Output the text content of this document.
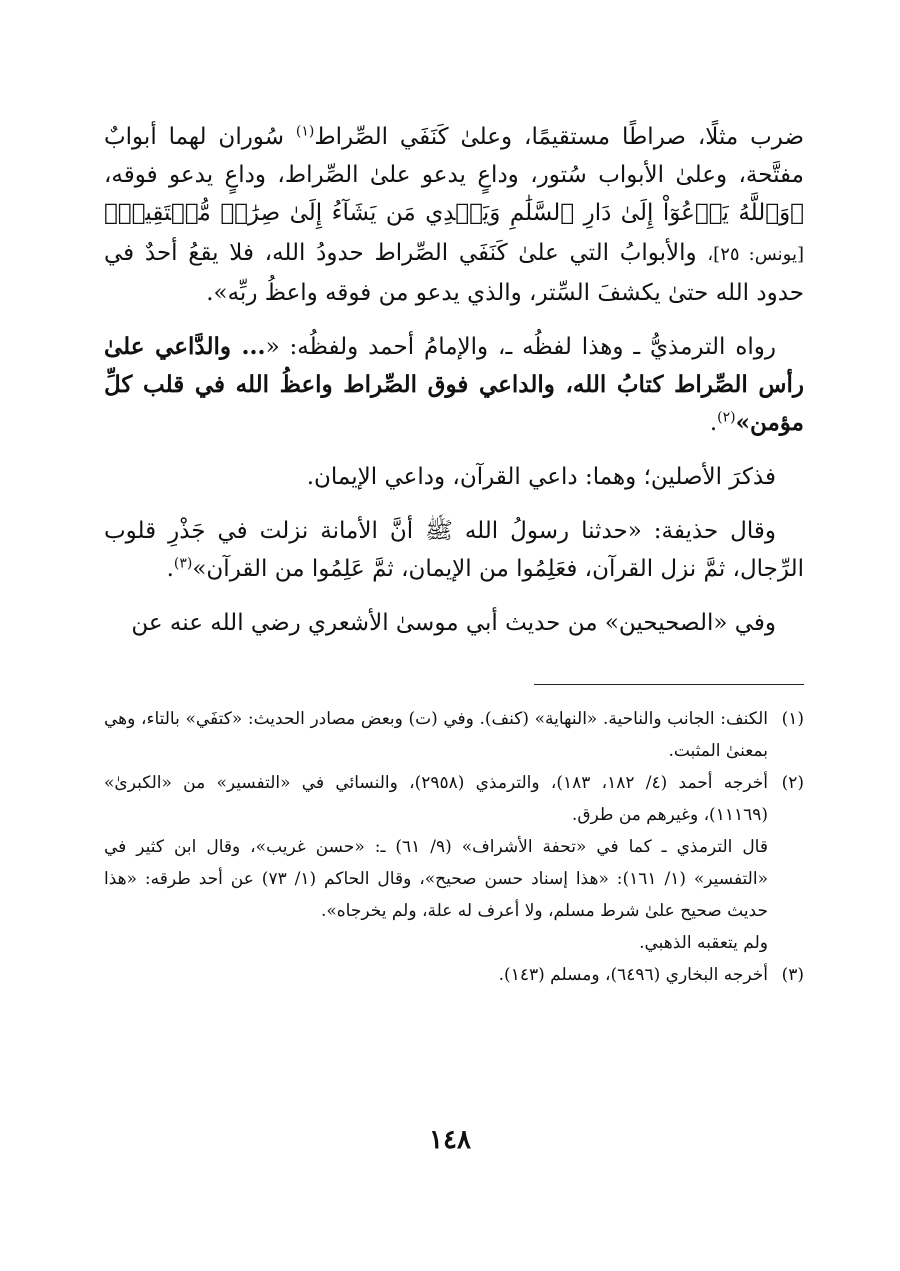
ضرب مثلًا، صراطًا مستقيمًا، وعلىٰ كَنَفَي الصِّراط$^{(١)}$ سُوران لهما أبوابٌ مفتَّحة، وعلىٰ الأبواب سُتور، وداعٍ يدعو علىٰ الصِّراط، وداعٍ يدعو فوقه، ﴿وَٱللَّهُ يَدۡعُوٓاْ إِلَىٰ دَارِ ٱلسَّلَٰمِ وَيَهۡدِي مَن يَشَآءُ إِلَىٰ صِرَٰطٖ مُّسۡتَقِيمٖ﴾ [يونس: ٢٥]، والأبوابُ التي علىٰ كَنَفَي الصِّراط حدودُ الله، فلا يقعُ أحدٌ في حدود الله حتىٰ يكشفَ السِّتر، والذي يدعو من فوقه واعظُ ربِّه».

رواه الترمذيُّ ـ وهذا لفظُه ـ، والإمامُ أحمد ولفظُه: «... والدَّاعي علىٰ رأس الصِّراط كتابُ الله، والداعي فوق الصِّراط واعظُ الله في قلب كلِّ مؤمن»$^{(٢)}$.

فذكرَ الأصلين؛ وهما: داعي القرآن، وداعي الإيمان.

وقال حذيفة: «حدثنا رسولُ الله ﷺ أنَّ الأمانة نزلت في جَذْرِ قلوب الرِّجال، ثمَّ نزل القرآن، فعَلِمُوا من الإيمان، ثمَّ عَلِمُوا من القرآن»$^{(٣)}$.

وفي «الصحيحين» من حديث أبي موسىٰ الأشعري رضي الله عنه عن

(١)
الكنف: الجانب والناحية. «النهاية» (كنف). وفي (ت) وبعض مصادر الحديث: «كتفَي» بالتاء، وهي بمعنىٰ المثبت.
(٢)
أخرجه أحمد (٤/ ١٨٢، ١٨٣)، والترمذي (٢٩٥٨)، والنسائي في «التفسير» من «الكبرىٰ» (١١١٦٩)، وغيرهم من طرق.
قال الترمذي ـ كما في «تحفة الأشراف» (٩/ ٦١) ـ: «حسن غريب»، وقال ابن كثير في «التفسير» (١/ ١٦١): «هذا إسناد حسن صحيح»، وقال الحاكم (١/ ٧٣) عن أحد طرقه: «هذا حديث صحيح علىٰ شرط مسلم، ولا أعرف له علة، ولم يخرجاه».
ولم يتعقبه الذهبي.
(٣)
أخرجه البخاري (٦٤٩٦)، ومسلم (١٤٣).
١٤٨
